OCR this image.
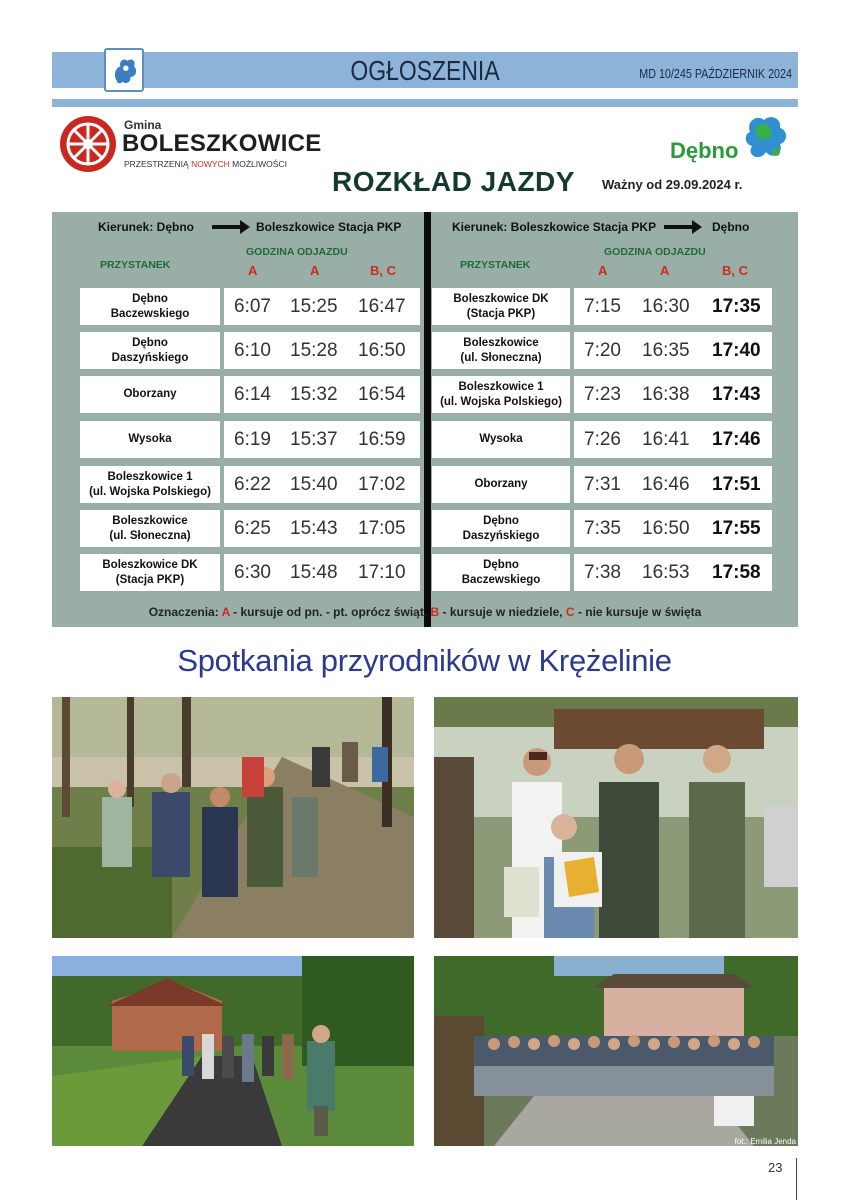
OGŁOSZENIA	MD 10/245 PAŹDZIERNIK 2024
Gmina
BOLESZKOWICE
PRZESTRZENIĄ NOWYCH MOŻLIWOŚCI
Dębno
ROZKŁAD JAZDY Ważny od 29.09.2024 r.
Kierunek: Dębno	Boleszkowice Stacja PKP
GODZINA ODJAZDU
PRZYSTANEK	A	A	B, C
Kierunek: Boleszkowice Stacja PKP	Dębno
GODZINA ODJAZDU
PRZYSTANEK	A	A	B, C
Dębno
Baczewskiego 6:07 15:25 16:47
Dębno
Daszyńskiego 6:10 15:28 16:50
Oborzany	6:14 15:32 16:54
Wysoka	6:19 15:37 16:59
Boleszkowice 1
(ul. Wojska Polskiego) 6:22 15:40 17:02
Boleszkowice
(ul. Słoneczna) 6:25 15:43 17:05
Boleszkowice DK
(Stacja PKP)	6:30 15:48 17:10
Boleszkowice DK
(Stacja PKP)	7:15 16:30 17:35
Boleszkowice
(ul. Słoneczna) 7:20 16:35 17:40
Boleszkowice 1
(ul. Wojska Polskiego) 7:23 16:38 17:43
Wysoka	7:26 16:41 17:46
Oborzany	7:31 16:46 17:51
Dębno
Daszyńskiego 7:35 16:50 17:55
Dębno
Baczewskiego 7:38 16:53 17:58
Oznaczenia: A - kursuje od pn. - pt. oprócz świąt, B - kursuje w niedziele, C - nie kursuje w święta
Spotkania przyrodników w Krężelinie
fot.: Emilia Jenda
23
